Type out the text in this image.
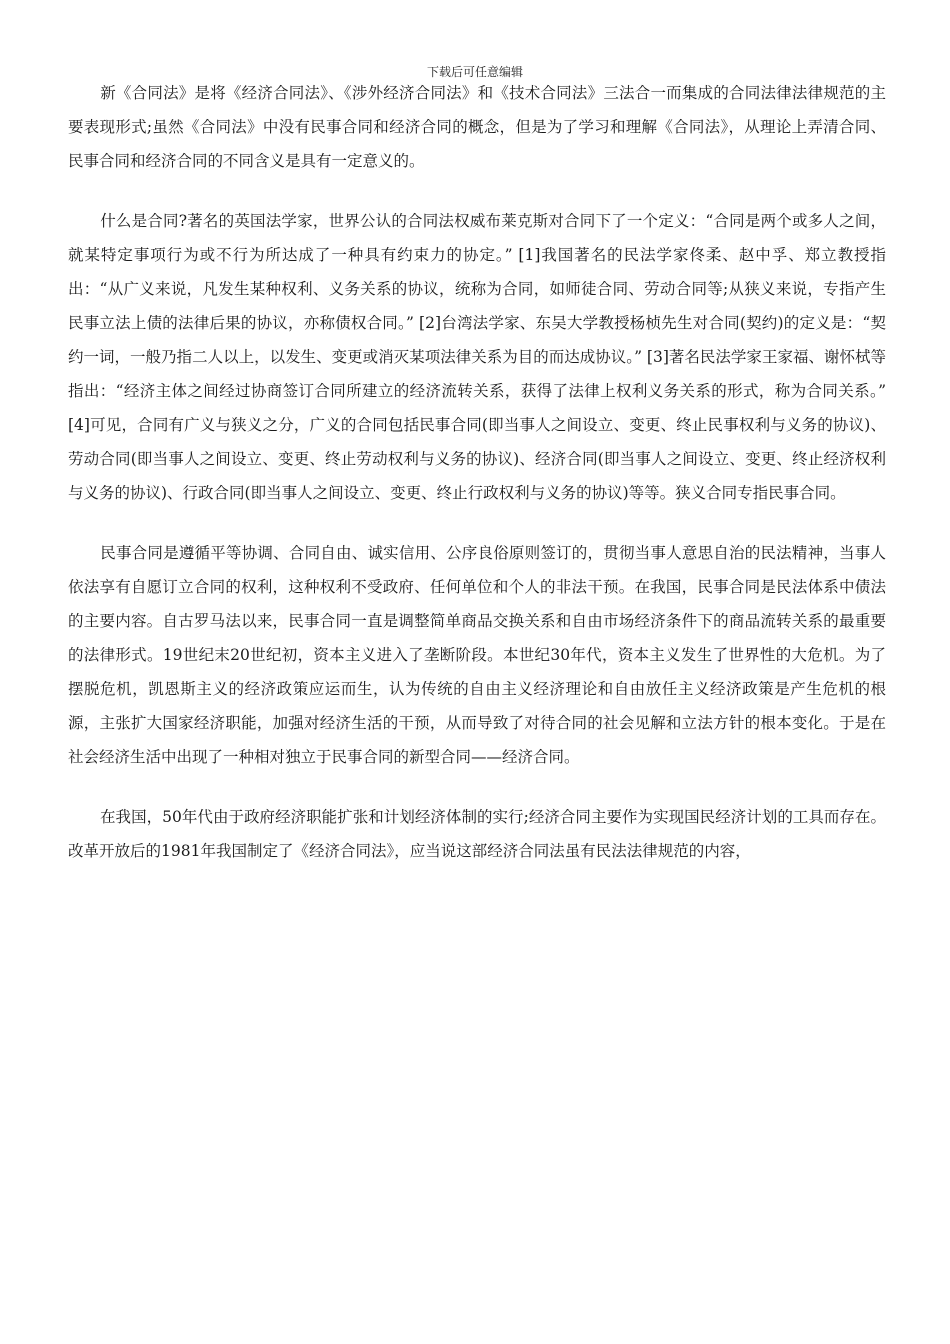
下载后可任意编辑

新《合同法》是将《经济合同法》、《涉外经济合同法》和《技术合同法》三法合一而集成的合同法律法律规范的主要表现形式;虽然《合同法》中没有民事合同和经济合同的概念，但是为了学习和理解《合同法》，从理论上弄清合同、民事合同和经济合同的不同含义是具有一定意义的。

什么是合同?著名的英国法学家，世界公认的合同法权威布莱克斯对合同下了一个定义：“合同是两个或多人之间，就某特定事项行为或不行为所达成了一种具有约束力的协定。” [1]我国著名的民法学家佟柔、赵中孚、郑立教授指出：“从广义来说，凡发生某种权利、义务关系的协议，统称为合同，如师徒合同、劳动合同等;从狭义来说，专指产生民事立法上债的法律后果的协议，亦称债权合同。” [2]台湾法学家、东吴大学教授杨桢先生对合同(契约)的定义是：“契约一词，一般乃指二人以上，以发生、变更或消灭某项法律关系为目的而达成协议。” [3]著名民法学家王家福、谢怀栻等指出：“经济主体之间经过协商签订合同所建立的经济流转关系，获得了法律上权利义务关系的形式，称为合同关系。” [4]可见，合同有广义与狭义之分，广义的合同包括民事合同(即当事人之间设立、变更、终止民事权利与义务的协议)、劳动合同(即当事人之间设立、变更、终止劳动权利与义务的协议)、经济合同(即当事人之间设立、变更、终止经济权利与义务的协议)、行政合同(即当事人之间设立、变更、终止行政权利与义务的协议)等等。狭义合同专指民事合同。

民事合同是遵循平等协调、合同自由、诚实信用、公序良俗原则签订的，贯彻当事人意思自治的民法精神，当事人依法享有自愿订立合同的权利，这种权利不受政府、任何单位和个人的非法干预。在我国，民事合同是民法体系中债法的主要内容。自古罗马法以来，民事合同一直是调整简单商品交换关系和自由市场经济条件下的商品流转关系的最重要的法律形式。19世纪末20世纪初，资本主义进入了垄断阶段。本世纪30年代，资本主义发生了世界性的大危机。为了摆脱危机，凯恩斯主义的经济政策应运而生，认为传统的自由主义经济理论和自由放任主义经济政策是产生危机的根源，主张扩大国家经济职能，加强对经济生活的干预，从而导致了对待合同的社会见解和立法方针的根本变化。于是在社会经济生活中出现了一种相对独立于民事合同的新型合同——经济合同。

在我国，50年代由于政府经济职能扩张和计划经济体制的实行;经济合同主要作为实现国民经济计划的工具而存在。改革开放后的1981年我国制定了《经济合同法》，应当说这部经济合同法虽有民法法律规范的内容，
